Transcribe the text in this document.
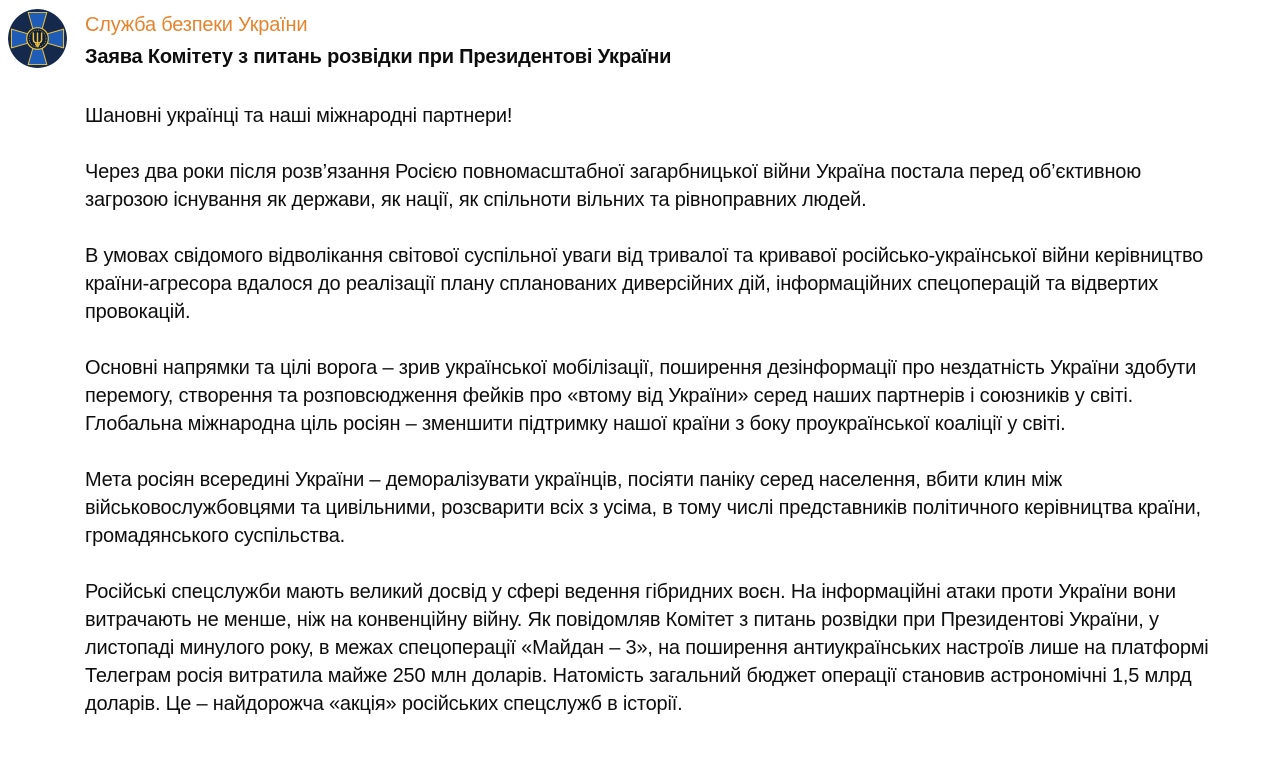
Служба безпеки України
Заява Комітету з питань розвідки при Президентові України

Шановні українці та наші міжнародні партнери!

Через два роки після розв’язання Росією повномасштабної загарбницької війни Україна постала перед об’єктивною загрозою існування як держави, як нації, як спільноти вільних та рівноправних людей.

В умовах свідомого відволікання світової суспільної уваги від тривалої та кривавої російсько-української війни керівництво країни-агресора вдалося до реалізації плану спланованих диверсійних дій, інформаційних спецоперацій та відвертих провокацій.

Основні напрямки та цілі ворога – зрив української мобілізації, поширення дезінформації про нездатність України здобути перемогу, створення та розповсюдження фейків про «втому від України» серед наших партнерів і союзників у світі. Глобальна міжнародна ціль росіян – зменшити підтримку нашої країни з боку проукраїнської коаліції у світі.

Мета росіян всередині України – деморалізувати українців, посіяти паніку серед населення, вбити клин між військовослужбовцями та цивільними, розсварити всіх з усіма, в тому числі представників політичного керівництва країни, громадянського суспільства.

Російські спецслужби мають великий досвід у сфері ведення гібридних воєн. На інформаційні атаки проти України вони витрачають не менше, ніж на конвенційну війну. Як повідомляв Комітет з питань розвідки при Президентові України, у листопаді минулого року, в межах спецоперації «Майдан – 3», на поширення антиукраїнських настроїв лише на платформі Телеграм росія витратила майже 250 млн доларів. Натомість загальний бюджет операції становив астрономічні 1,5 млрд доларів. Це – найдорожча «акція» російських спецслужб в історії.
